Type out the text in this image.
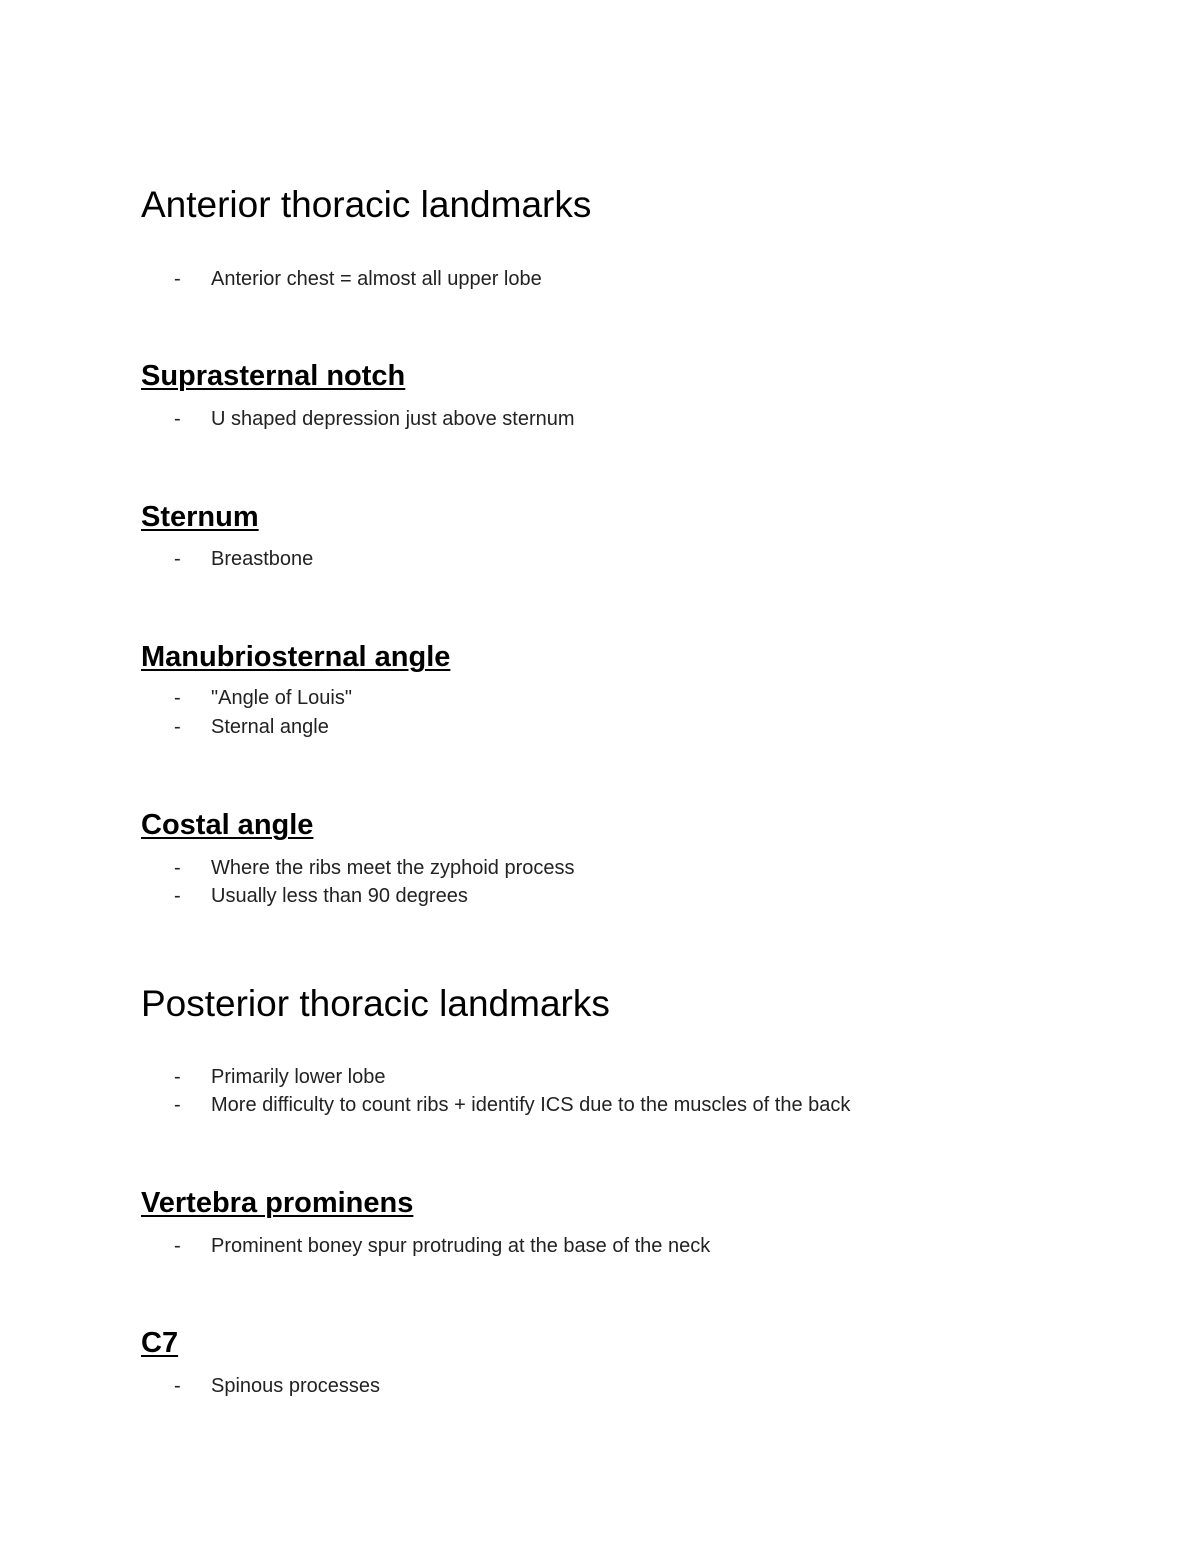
Anterior thoracic landmarks
- Anterior chest = almost all upper lobe
Suprasternal notch
- U shaped depression just above sternum
Sternum
- Breastbone
Manubriosternal angle
- "Angle of Louis"
- Sternal angle
Costal angle
- Where the ribs meet the zyphoid process
- Usually less than 90 degrees
Posterior thoracic landmarks
- Primarily lower lobe
- More difficulty to count ribs + identify ICS due to the muscles of the back
Vertebra prominens
- Prominent boney spur protruding at the base of the neck
C7
- Spinous processes
